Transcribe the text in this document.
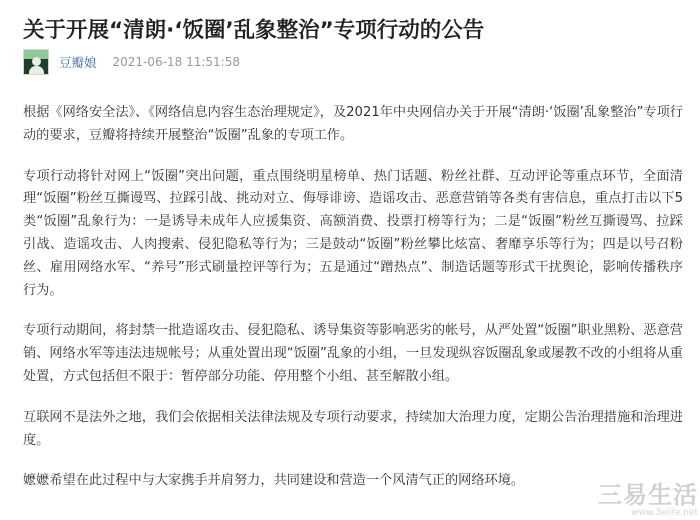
关于开展“清朗·‘饭圈’乱象整治”专项行动的公告
豆瓣娘 2021-06-18 11:51:58

根据《网络安全法》、《网络信息内容生态治理规定》，及2021年中央网信办关于开展“清朗·‘饭圈’乱象整治”专项行动的要求，豆瓣将持续开展整治“饭圈”乱象的专项工作。

专项行动将针对网上“饭圈”突出问题，重点围绕明星榜单、热门话题、粉丝社群、互动评论等重点环节，全面清理“饭圈”粉丝互撕谩骂、拉踩引战、挑动对立、侮辱诽谤、造谣攻击、恶意营销等各类有害信息，重点打击以下5类“饭圈”乱象行为：一是诱导未成年人应援集资、高额消费、投票打榜等行为；二是“饭圈”粉丝互撕谩骂、拉踩引战、造谣攻击、人肉搜索、侵犯隐私等行为；三是鼓动“饭圈”粉丝攀比炫富、奢靡享乐等行为；四是以号召粉丝、雇用网络水军、“养号”形式刷量控评等行为；五是通过“蹭热点”、制造话题等形式干扰舆论，影响传播秩序行为。

专项行动期间，将封禁一批造谣攻击、侵犯隐私、诱导集资等影响恶劣的帐号，从严处置“饭圈”职业黑粉、恶意营销、网络水军等违法违规帐号；从重处置出现“饭圈”乱象的小组，一旦发现纵容饭圈乱象或屡教不改的小组将从重处置，方式包括但不限于：暂停部分功能、停用整个小组、甚至解散小组。

互联网不是法外之地，我们会依据相关法律法规及专项行动要求，持续加大治理力度，定期公告治理措施和治理进度。

嬷嬷希望在此过程中与大家携手并肩努力，共同建设和营造一个风清气正的网络环境。

三易生活
www.3elife.net
